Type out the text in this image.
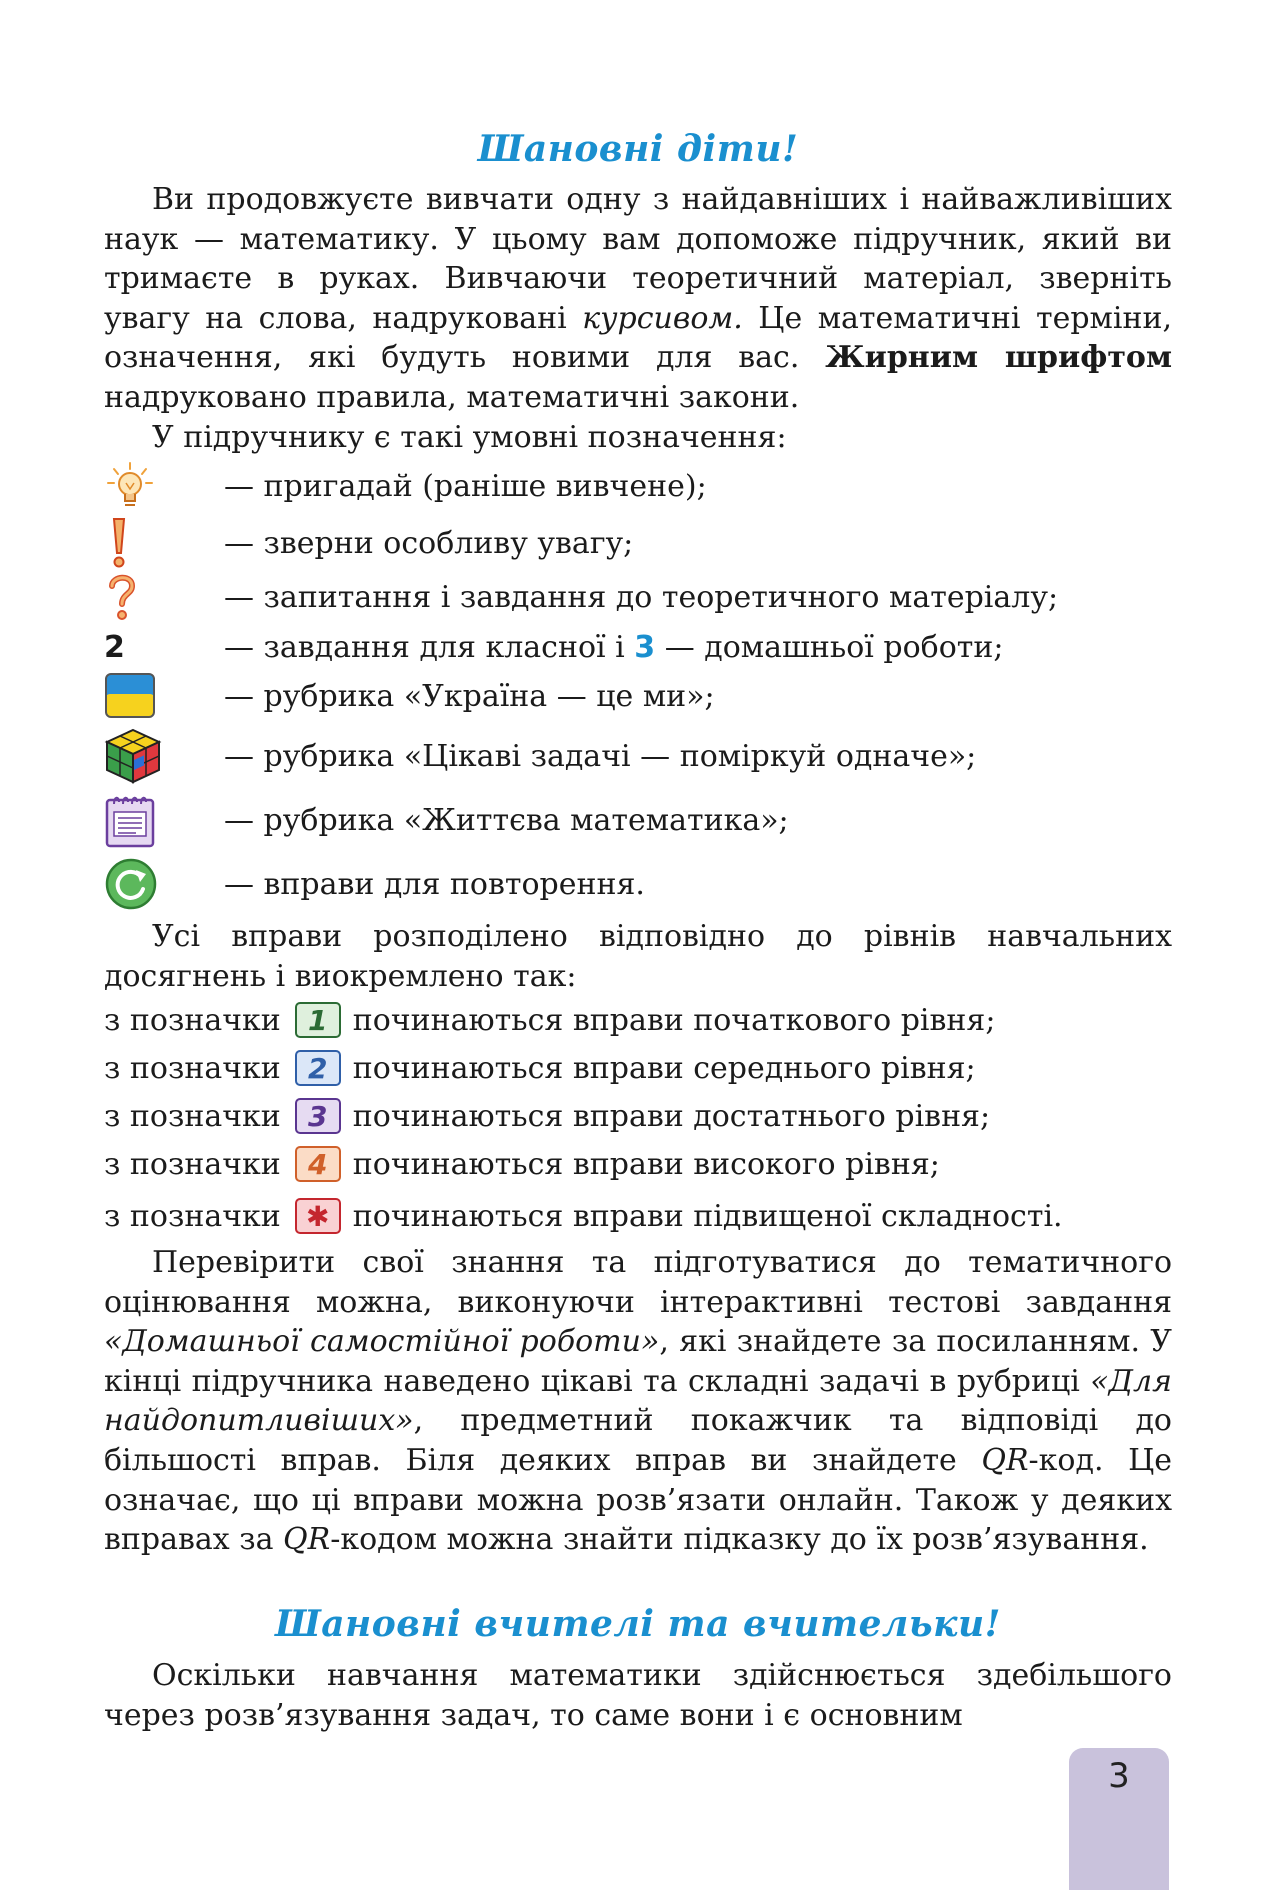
Шановні діти!
Ви продовжуєте вивчати одну з найдавніших і найважливіших наук — математику. У цьому вам допоможе підручник, який ви тримаєте в руках. Вивчаючи теоретичний матеріал, зверніть увагу на слова, надруковані курсивом. Це математичні терміни, означення, які будуть новими для вас. Жирним шрифтом надруковано правила, математичні закони.
У підручнику є такі умовні позначення:
— пригадай (раніше вивчене);
— зверни особливу увагу;
— запитання і завдання до теоретичного матеріалу;
2	— завдання для класної і 3 — домашньої роботи;
— рубрика «Україна — це ми»;
— рубрика «Цікаві задачі — поміркуй одначе»;
— рубрика «Життєва математика»;
— вправи для повторення.
Усі вправи розподілено відповідно до рівнів навчальних досягнень і виокремлено так:
з позначки 1 починаються вправи початкового рівня;
з позначки 2 починаються вправи середнього рівня;
з позначки 3 починаються вправи достатнього рівня;
з позначки 4 починаються вправи високого рівня;
з позначки ✱ починаються вправи підвищеної складності.
Перевірити свої знання та підготуватися до тематичного оцінювання можна, виконуючи інтерактивні тестові завдання «Домашньої самостійної роботи», які знайдете за посиланням. У кінці підручника наведено цікаві та складні задачі в рубриці «Для найдопитливіших», предметний покажчик та відповіді до більшості вправ. Біля деяких вправ ви знайдете QR-код. Це означає, що ці вправи можна розв’язати онлайн. Також у деяких вправах за QR-кодом можна знайти підказку до їх розв’язування.
Шановні вчителі та вчительки!
Оскільки навчання математики здійснюється здебільшого через розв’язування задач, то саме вони і є основним
3
